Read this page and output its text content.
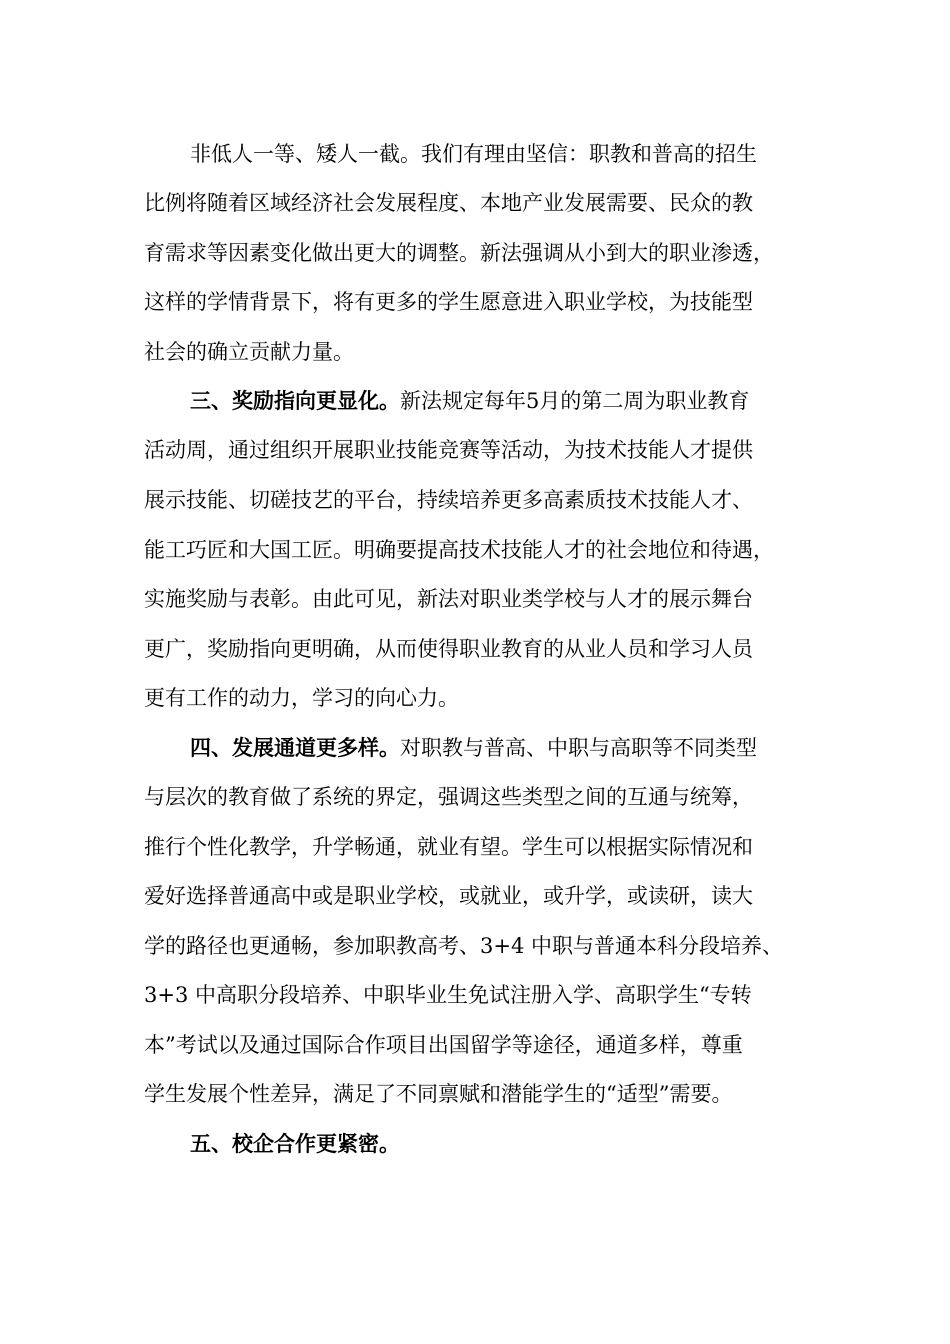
非低人一等、矮人一截。我们有理由坚信：职教和普高的招生
比例将随着区域经济社会发展程度、本地产业发展需要、民众的教
育需求等因素变化做出更大的调整。新法强调从小到大的职业渗透，
这样的学情背景下，将有更多的学生愿意进入职业学校，为技能型
社会的确立贡献力量。
三、奖励指向更显化。新法规定每年5月的第二周为职业教育
活动周，通过组织开展职业技能竞赛等活动，为技术技能人才提供
展示技能、切磋技艺的平台，持续培养更多高素质技术技能人才、
能工巧匠和大国工匠。明确要提高技术技能人才的社会地位和待遇，
实施奖励与表彰。由此可见，新法对职业类学校与人才的展示舞台
更广，奖励指向更明确，从而使得职业教育的从业人员和学习人员
更有工作的动力，学习的向心力。
四、发展通道更多样。对职教与普高、中职与高职等不同类型
与层次的教育做了系统的界定，强调这些类型之间的互通与统筹，
推行个性化教学，升学畅通，就业有望。学生可以根据实际情况和
爱好选择普通高中或是职业学校，或就业，或升学，或读研，读大
学的路径也更通畅，参加职教高考、3+4 中职与普通本科分段培养、
3+3 中高职分段培养、中职毕业生免试注册入学、高职学生“专转
本”考试以及通过国际合作项目出国留学等途径，通道多样，尊重
学生发展个性差异，满足了不同禀赋和潜能学生的“适型”需要。
五、校企合作更紧密。
